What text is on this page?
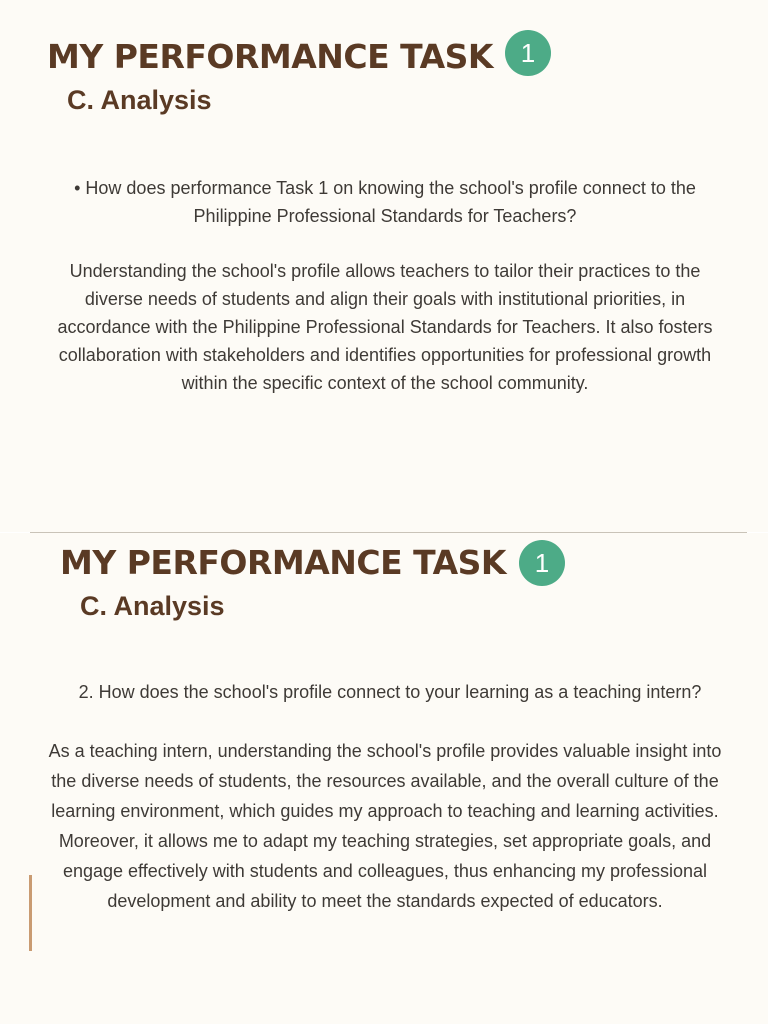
MY PERFORMANCE TASK	1
C. Analysis

• How does performance Task 1 on knowing the school's profile connect to the Philippine Professional Standards for Teachers?

Understanding the school's profile allows teachers to tailor their practices to the diverse needs of students and align their goals with institutional priorities, in accordance with the Philippine Professional Standards for Teachers. It also fosters collaboration with stakeholders and identifies opportunities for professional growth within the specific context of the school community.

MY PERFORMANCE TASK	1
C. Analysis

2. How does the school's profile connect to your learning as a teaching intern?

As a teaching intern, understanding the school's profile provides valuable insight into the diverse needs of students, the resources available, and the overall culture of the learning environment, which guides my approach to teaching and learning activities. Moreover, it allows me to adapt my teaching strategies, set appropriate goals, and engage effectively with students and colleagues, thus enhancing my professional development and ability to meet the standards expected of educators.
